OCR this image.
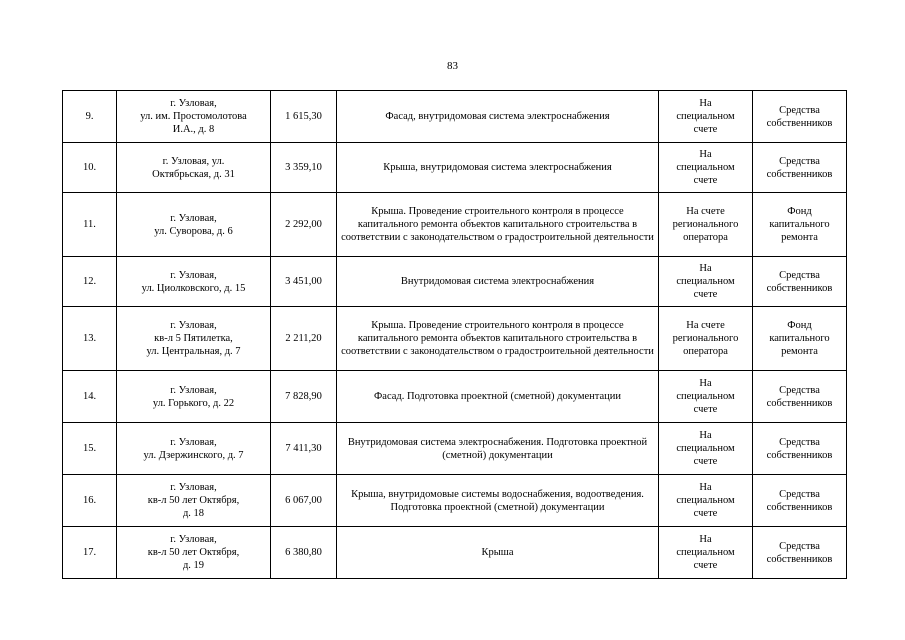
83
9.	г. Узловая,
ул. им. Простомолотова
И.А., д. 8	1 615,30	Фасад, внутридомовая система электроснабжения	На
специальном
счете	Средства
собственников

10.	г. Узловая, ул.
Октябрьская, д. 31	3 359,10	Крыша, внутридомовая система электроснабжения	На
специальном
счете	Средства
собственников

11.	г. Узловая,
ул. Суворова, д. 6	2 292,00	Крыша. Проведение строительного контроля в процессе капитального ремонта объектов капитального строительства в соответствии с законодательством о градостроительной деятельности	На счете
регионального
оператора	Фонд
капитального
ремонта

12.	г. Узловая,
ул. Циолковского, д. 15	3 451,00	Внутридомовая система электроснабжения	На
специальном
счете	Средства
собственников

13.	г. Узловая,
кв-л 5 Пятилетка,
ул. Центральная, д. 7	2 211,20	Крыша. Проведение строительного контроля в процессе капитального ремонта объектов капитального строительства в соответствии с законодательством о градостроительной деятельности	На счете
регионального
оператора	Фонд
капитального
ремонта

14.	г. Узловая,
ул. Горького, д. 22	7 828,90	Фасад. Подготовка проектной (сметной) документации	На
специальном
счете	Средства
собственников

15.	г. Узловая,
ул. Дзержинского, д. 7	7 411,30	Внутридомовая система электроснабжения. Подготовка проектной (сметной) документации	На
специальном
счете	Средства
собственников

16.	г. Узловая,
кв-л 50 лет Октября,
д. 18	6 067,00	Крыша, внутридомовые системы водоснабжения, водоотведения. Подготовка проектной (сметной) документации	На
специальном
счете	Средства
собственников

17.	г. Узловая,
кв-л 50 лет Октября,
д. 19	6 380,80	Крыша	На
специальном
счете	Средства
собственников
